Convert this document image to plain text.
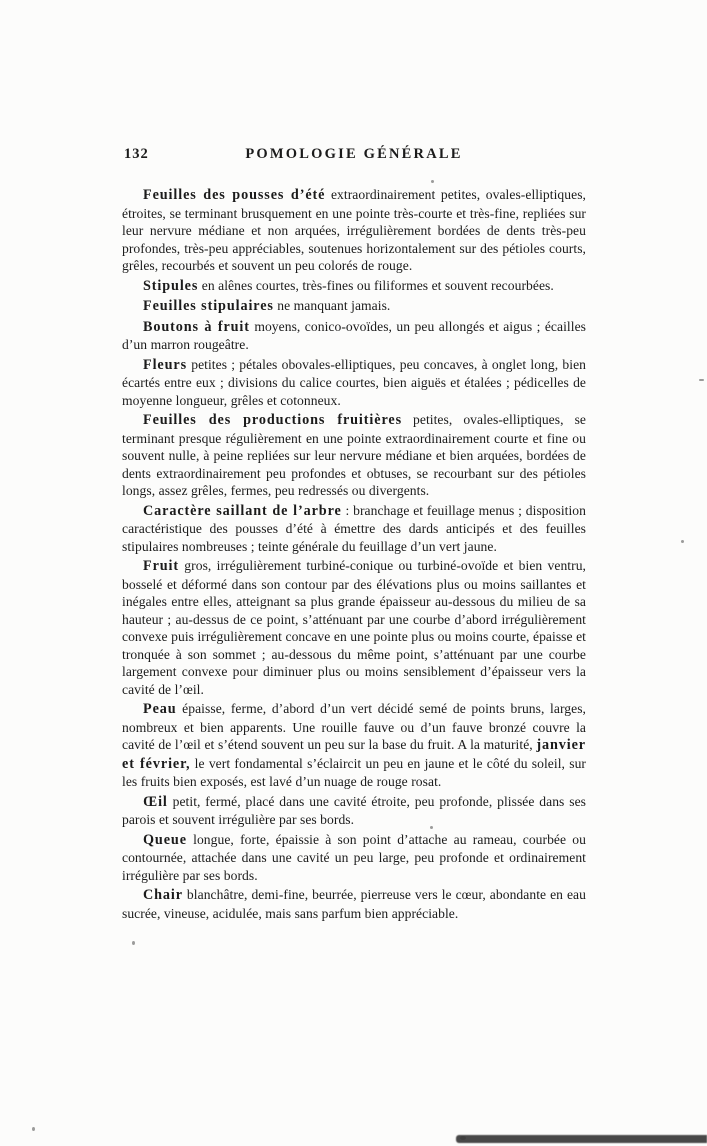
132	POMOLOGIE GÉNÉRALE

Feuilles des pousses d’été extraordinairement petites, ovales-elliptiques, étroites, se terminant brusquement en une pointe très-courte et très-fine, repliées sur leur nervure médiane et non arquées, irrégulièrement bordées de dents très-peu profondes, très-peu appréciables, soutenues horizontalement sur des pétioles courts, grêles, recourbés et souvent un peu colorés de rouge.

Stipules en alênes courtes, très-fines ou filiformes et souvent recourbées.

Feuilles stipulaires ne manquant jamais.

Boutons à fruit moyens, conico-ovoïdes, un peu allongés et aigus ; écailles d’un marron rougeâtre.

Fleurs petites ; pétales obovales-elliptiques, peu concaves, à onglet long, bien écartés entre eux ; divisions du calice courtes, bien aiguës et étalées ; pédicelles de moyenne longueur, grêles et cotonneux.

Feuilles des productions fruitières petites, ovales-elliptiques, se terminant presque régulièrement en une pointe extraordinairement courte et fine ou souvent nulle, à peine repliées sur leur nervure médiane et bien arquées, bordées de dents extraordinairement peu profondes et obtuses, se recourbant sur des pétioles longs, assez grêles, fermes, peu redressés ou divergents.

Caractère saillant de l’arbre : branchage et feuillage menus ; disposition caractéristique des pousses d’été à émettre des dards anticipés et des feuilles stipulaires nombreuses ; teinte générale du feuillage d’un vert jaune.

Fruit gros, irrégulièrement turbiné-conique ou turbiné-ovoïde et bien ventru, bosselé et déformé dans son contour par des élévations plus ou moins saillantes et inégales entre elles, atteignant sa plus grande épaisseur au-dessous du milieu de sa hauteur ; au-dessus de ce point, s’atténuant par une courbe d’abord irrégulièrement convexe puis irrégulièrement concave en une pointe plus ou moins courte, épaisse et tronquée à son sommet ; au-dessous du même point, s’atténuant par une courbe largement convexe pour diminuer plus ou moins sensiblement d’épaisseur vers la cavité de l’œil.

Peau épaisse, ferme, d’abord d’un vert décidé semé de points bruns, larges, nombreux et bien apparents. Une rouille fauve ou d’un fauve bronzé couvre la cavité de l’œil et s’étend souvent un peu sur la base du fruit. A la maturité, janvier et février, le vert fondamental s’éclaircit un peu en jaune et le côté du soleil, sur les fruits bien exposés, est lavé d’un nuage de rouge rosat.

Œil petit, fermé, placé dans une cavité étroite, peu profonde, plissée dans ses parois et souvent irrégulière par ses bords.

Queue longue, forte, épaissie à son point d’attache au rameau, courbée ou contournée, attachée dans une cavité un peu large, peu profonde et ordinairement irrégulière par ses bords.

Chair blanchâtre, demi-fine, beurrée, pierreuse vers le cœur, abondante en eau sucrée, vineuse, acidulée, mais sans parfum bien appréciable.
